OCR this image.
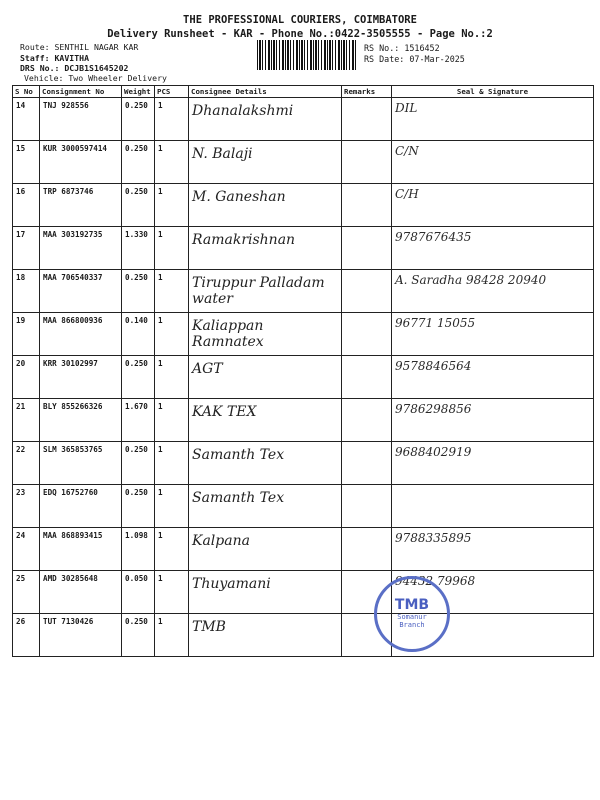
THE PROFESSIONAL COURIERS, COIMBATORE
Delivery Runsheet - KAR - Phone No.:0422-3505555 - Page No.:2
Route: SENTHIL NAGAR KAR
Staff: KAVITHA
DRS No.: DCJB1S1645202
RS No.: 1516452
RS Date: 07-Mar-2025
Vehicle: Two Wheeler Delivery
S No	Consignment No	Weight	PCS	Consignee Details	Remarks	Seal & Signature
14	TNJ 928556	0.250	1	Dhanalakshmi		DIL
15	KUR 3000597414	0.250	1	N. Balaji		C/N
16	TRP 6873746	0.250	1	M. Ganeshan		C/H
17	MAA 303192735	1.330	1	Ramakrishnan		9787676435
18	MAA 706540337	0.250	1	Tiruppur Palladam water		A. Saradha 98428 20940
19	MAA 866800936	0.140	1	Kaliappan Ramnatex		96771 15055
20	KRR 30102997	0.250	1	AGT		9578846564
21	BLY 855266326	1.670	1	KAK TEX		9786298856
22	SLM 365853765	0.250	1	Samanth Tex		9688402919
23	EDQ 16752760	0.250	1	Samanth Tex		

24	MAA 868893415	1.098	1	Kalpana		9788335895
25	AMD 30285648	0.050	1	Thuyamani		94432 79968
26	TUT 7130426	0.250	1	TMB		

TMB
Somanur
Branch
